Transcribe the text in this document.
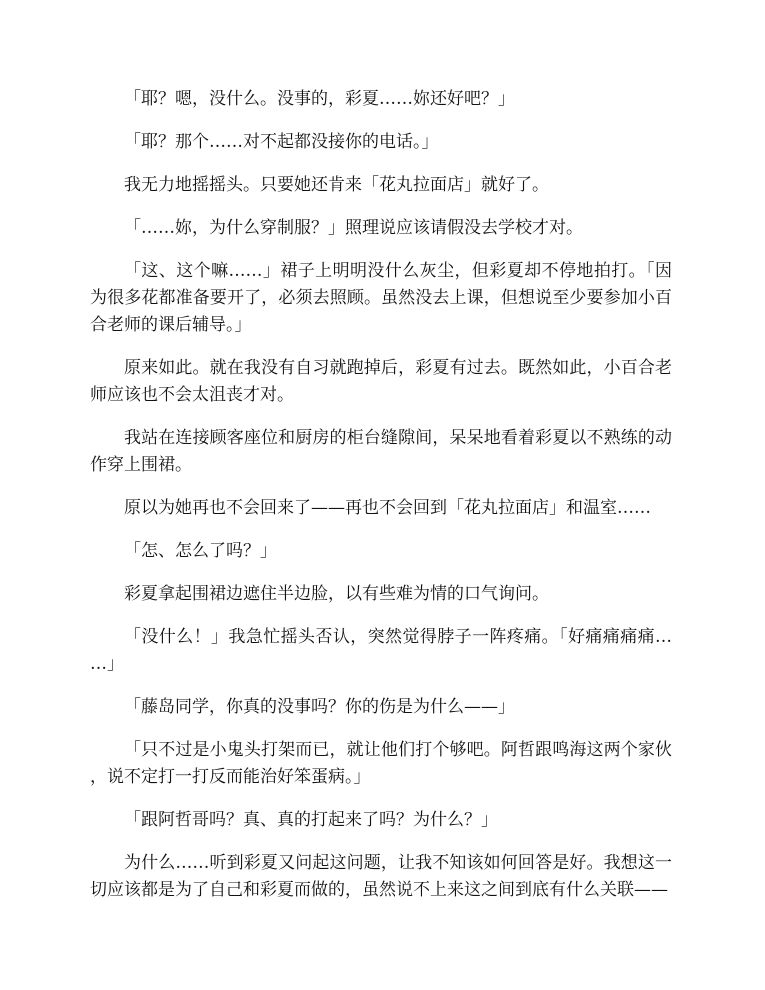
「耶？嗯，没什么。没事的，彩夏……妳还好吧？」

「耶？那个……对不起都没接你的电话。」

我无力地摇摇头。只要她还肯来「花丸拉面店」就好了。

「……妳，为什么穿制服？」照理说应该请假没去学校才对。

「这、这个嘛……」裙子上明明没什么灰尘，但彩夏却不停地拍打。「因为很多花都准备要开了，必须去照顾。虽然没去上课，但想说至少要参加小百合老师的课后辅导。」

原来如此。就在我没有自习就跑掉后，彩夏有过去。既然如此，小百合老师应该也不会太沮丧才对。

我站在连接顾客座位和厨房的柜台缝隙间，呆呆地看着彩夏以不熟练的动作穿上围裙。

原以为她再也不会回来了——再也不会回到「花丸拉面店」和温室……

「怎、怎么了吗？」

彩夏拿起围裙边遮住半边脸，以有些难为情的口气询问。

「没什么！」我急忙摇头否认，突然觉得脖子一阵疼痛。「好痛痛痛痛……」

「藤岛同学，你真的没事吗？你的伤是为什么——」

「只不过是小鬼头打架而已，就让他们打个够吧。阿哲跟鸣海这两个家伙，说不定打一打反而能治好笨蛋病。」

「跟阿哲哥吗？真、真的打起来了吗？为什么？」

为什么……听到彩夏又问起这问题，让我不知该如何回答是好。我想这一切应该都是为了自己和彩夏而做的，虽然说不上来这之间到底有什么关联——
